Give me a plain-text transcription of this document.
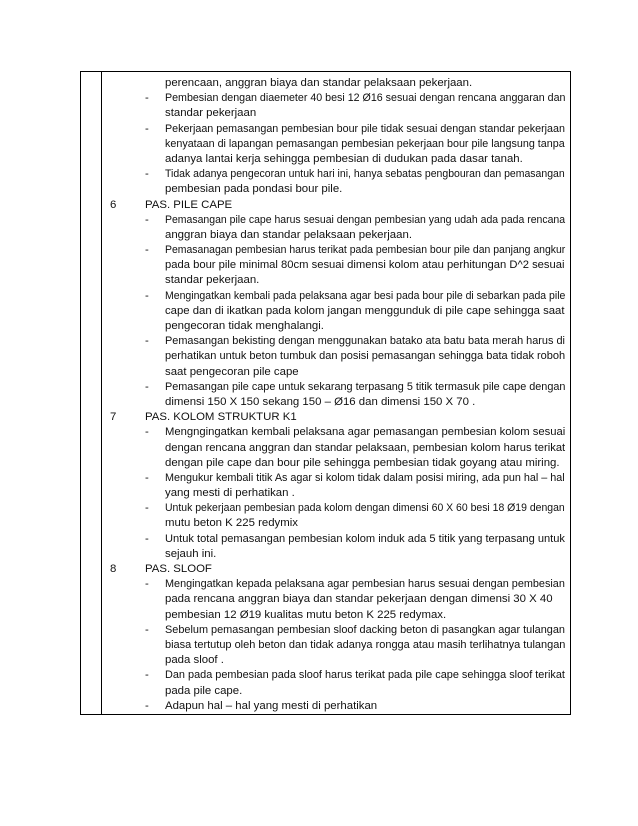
perencaan, anggran biaya dan standar pelaksaan pekerjaan.
- Pembesian dengan diaemeter 40 besi 12 Ø16 sesuai dengan rencana anggaran dan
standar pekerjaan
- Pekerjaan pemasangan pembesian bour pile tidak sesuai dengan standar pekerjaan
kenyataan di lapangan pemasangan pembesian pekerjaan bour pile langsung tanpa
adanya lantai kerja sehingga pembesian di dudukan pada dasar tanah.
- Tidak adanya pengecoran untuk hari ini, hanya sebatas pengbouran dan pemasangan
pembesian pada pondasi bour pile.
6	PAS. PILE CAPE
- Pemasangan pile cape harus sesuai dengan pembesian yang udah ada pada rencana
anggran biaya dan standar pelaksaan pekerjaan.
- Pemasanagan pembesian harus terikat pada pembesian bour pile dan panjang angkur
pada bour pile minimal 80cm sesuai dimensi kolom atau perhitungan D^2 sesuai
standar pekerjaan.
- Mengingatkan kembali pada pelaksana agar besi pada bour pile di sebarkan pada pile
cape dan di ikatkan pada kolom jangan menggunduk di pile cape sehingga saat
pengecoran tidak menghalangi.
- Pemasangan bekisting dengan menggunakan batako ata batu bata merah harus di
perhatikan untuk beton tumbuk dan posisi pemasangan sehingga bata tidak roboh
saat pengecoran pile cape
- Pemasangan pile cape untuk sekarang terpasang 5 titik termasuk pile cape dengan
dimensi 150 X 150 sekang 150 – Ø16 dan dimensi 150 X 70 .
7	PAS. KOLOM STRUKTUR K1
- Mengngingatkan kembali pelaksana agar pemasangan pembesian kolom sesuai
dengan rencana anggran dan standar pelaksaan, pembesian kolom harus terikat
dengan pile cape dan bour pile sehingga pembesian tidak goyang atau miring.
- Mengukur kembali titik As agar si kolom tidak dalam posisi miring, ada pun hal – hal
yang mesti di perhatikan .
- Untuk pekerjaan pembesian pada kolom dengan dimensi 60 X 60 besi 18 Ø19 dengan
mutu beton K 225 redymix
- Untuk total pemasangan pembesian kolom induk ada 5 titik yang terpasang untuk
sejauh ini.
8	PAS. SLOOF
- Mengingatkan kepada pelaksana agar pembesian harus sesuai dengan pembesian
pada rencana anggran biaya dan standar pekerjaan dengan dimensi 30 X 40
pembesian 12 Ø19 kualitas mutu beton K 225 redymax.
- Sebelum pemasangan pembesian sloof dacking beton di pasangkan agar tulangan
biasa tertutup oleh beton dan tidak adanya rongga atau masih terlihatnya tulangan
pada sloof .
- Dan pada pembesian pada sloof harus terikat pada pile cape sehingga sloof terikat
pada pile cape.
- Adapun hal – hal yang mesti di perhatikan
